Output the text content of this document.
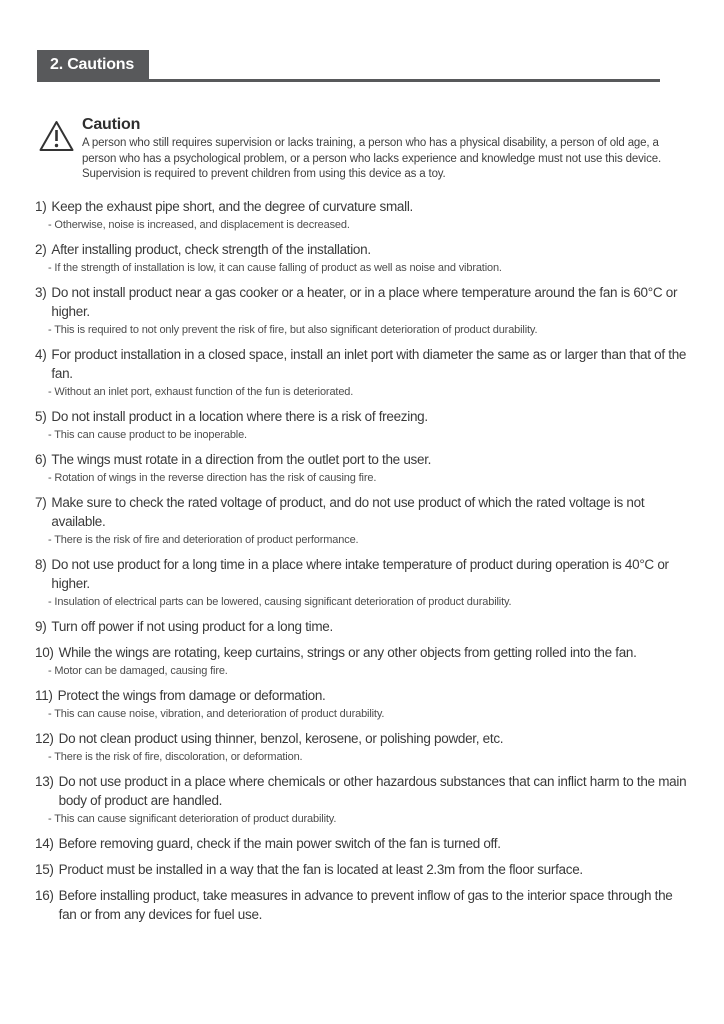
2. Cautions
Caution
A person who still requires supervision or lacks training, a person who has a physical disability, a person of old age, a person who has a psychological problem, or a person who lacks experience and knowledge must not use this device. Supervision is required to prevent children from using this device as a toy.
1) Keep the exhaust pipe short, and the degree of curvature small.
- Otherwise, noise is increased, and displacement is decreased.
2) After installing product, check strength of the installation.
- If the strength of installation is low, it can cause falling of product as well as noise and vibration.
3) Do not install product near a gas cooker or a heater, or in a place where temperature around the fan is 60°C or higher.
- This is required to not only prevent the risk of fire, but also significant deterioration of product durability.
4) For product installation in a closed space, install an inlet port with diameter the same as or larger than that of the fan.
- Without an inlet port, exhaust function of the fun is deteriorated.
5) Do not install product in a location where there is a risk of freezing.
- This can cause product to be inoperable.
6) The wings must rotate in a direction from the outlet port to the user.
- Rotation of wings in the reverse direction has the risk of causing fire.
7) Make sure to check the rated voltage of product, and do not use product of which the rated voltage is not available.
- There is the risk of fire and deterioration of product performance.
8) Do not use product for a long time in a place where intake temperature of product during operation is 40°C or higher.
- Insulation of electrical parts can be lowered, causing significant deterioration of product durability.
9) Turn off power if not using product for a long time.
10) While the wings are rotating, keep curtains, strings or any other objects from getting rolled into the fan.
- Motor can be damaged, causing fire.
11) Protect the wings from damage or deformation.
- This can cause noise, vibration, and deterioration of product durability.
12) Do not clean product using thinner, benzol, kerosene, or polishing powder, etc.
- There is the risk of fire, discoloration, or deformation.
13) Do not use product in a place where chemicals or other hazardous substances that can inflict harm to the main body of product are handled.
- This can cause significant deterioration of product durability.
14) Before removing guard, check if the main power switch of the fan is turned off.
15) Product must be installed in a way that the fan is located at least 2.3m from the floor surface.
16) Before installing product, take measures in advance to prevent inflow of gas to the interior space through the fan or from any devices for fuel use.
